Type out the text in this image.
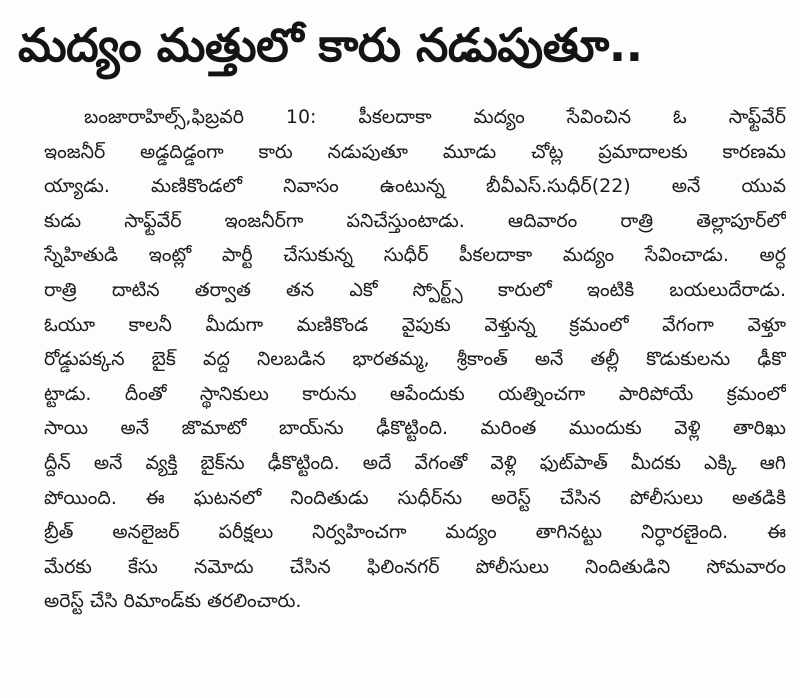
మద్యం మత్తులో కారు నడుపుతూ..
బంజారాహిల్స్,ఫిబ్రవరి 10: పీకలదాకా మద్యం సేవించిన ఓ సాఫ్ట్‌వేర్
ఇంజనీర్ అడ్డదిడ్డంగా కారు నడుపుతూ మూడు చోట్ల ప్రమాదాలకు కారణమ
య్యాడు. మణికొండలో నివాసం ఉంటున్న బీవీఎస్.సుధీర్(22) అనే యువ
కుడు సాఫ్ట్‌వేర్ ఇంజనీర్‌గా పనిచేస్తుంటాడు. ఆదివారం రాత్రి తెల్లాపూర్‌లో
స్నేహితుడి ఇంట్లో పార్టీ చేసుకున్న సుధీర్ పీకలదాకా మద్యం సేవించాడు. అర్ధ
రాత్రి దాటిన తర్వాత తన ఎకో స్పోర్ట్స్ కారులో ఇంటికి బయలుదేరాడు.
ఓయూ కాలనీ మీదుగా మణికొండ వైపుకు వెళ్తున్న క్రమంలో వేగంగా వెళ్తూ
రోడ్డుపక్కన బైక్ వద్ద నిలబడిన భారతమ్మ, శ్రీకాంత్ అనే తల్లీ కొడుకులను ఢీకొ
ట్టాడు. దీంతో స్థానికులు కారును ఆపేందుకు యత్నించగా పారిపోయే క్రమంలో
సాయి అనే జొమాటో బాయ్‌ను ఢీకొట్టింది. మరింత ముందుకు వెళ్లి తారిఖు
ద్దీన్ అనే వ్యక్తి బైక్‌ను ఢీకొట్టింది. అదే వేగంతో వెళ్లి ఫుట్‌పాత్ మీదకు ఎక్కి ఆగి
పోయింది. ఈ ఘటనలో నిందితుడు సుధీర్‌ను అరెస్ట్ చేసిన పోలీసులు అతడికి
బ్రీత్ అనలైజర్ పరీక్షలు నిర్వహించగా మద్యం తాగినట్టు నిర్ధారణైంది. ఈ
మేరకు కేసు నమోదు చేసిన ఫిలింనగర్ పోలీసులు నిందితుడిని సోమవారం
అరెస్ట్ చేసి రిమాండ్‌కు తరలించారు.
